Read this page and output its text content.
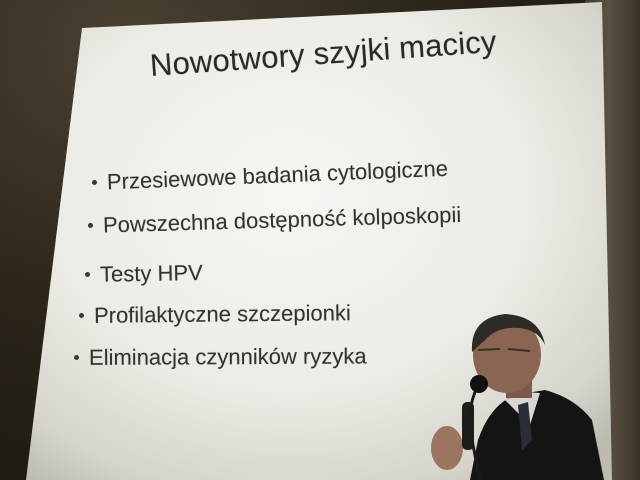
Nowotwory szyjki macicy
Przesiewowe badania cytologiczne
Powszechna dostępność kolposkopii
Testy HPV
Profilaktyczne szczepionki
Eliminacja czynników ryzyka
